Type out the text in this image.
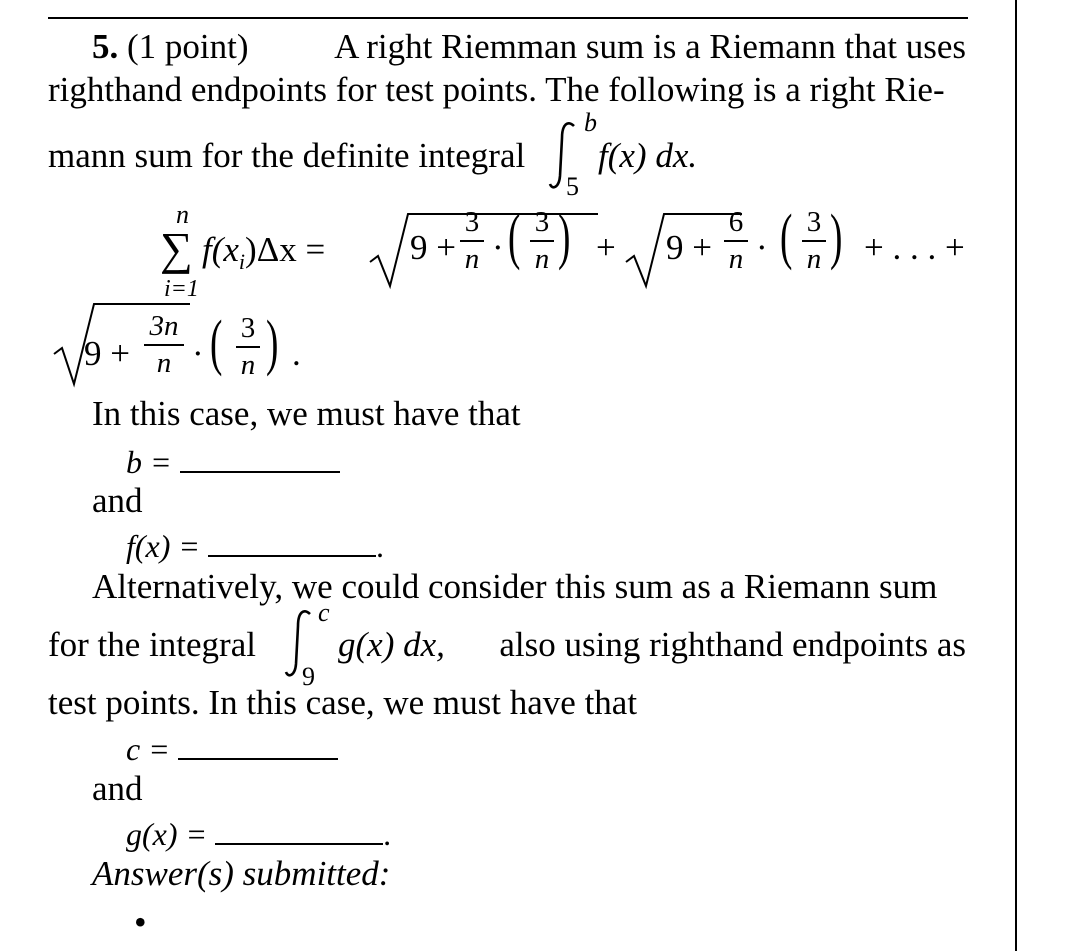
5. (1 point) A right Riemman sum is a Riemann that uses
righthand endpoints for test points. The following is a right Rie-
mann sum for the definite integral
b
5
f(x) dx.
n
∑
i=1
$f(x_i)\Delta x = 9$ +
3
n · ( 3
n ) + 9 +
6
n · ( 3
n ) + . . . +
9 +
3n
n · ( 3
n ) .
In this case, we must have that
b =
and
f(x) =	.
Alternatively, we could consider this sum as a Riemann sum
for the integral
c
9
g(x) dx,	also using righthand endpoints as
test points. In this case, we must have that
c =
and
g(x) =	.
Answer(s) submitted:
•
